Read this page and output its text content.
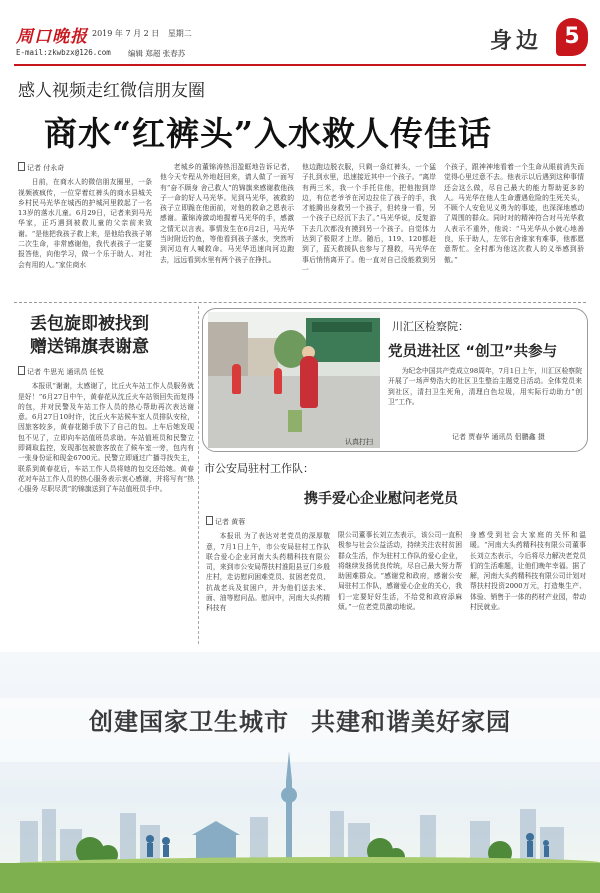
周口晚报 2019 年 7 月 2 日 星期二
E-mail:zkwbzx@126.com 编辑 郑超 张春苏	身边	5
感人视频走红微信朋友圈
商水“红裤头”入水救人传佳话
记者 付永奇
日前，在商水人的微信朋友圈里，一条视频被疯传，一位穿着红裤头的商水县城关乡村民马光华在城西的护城河里救起了一名13岁的落水儿童。6月29日，记者来到马光华家，正巧遇到被救儿童的父亲前来致谢。“是他把我孩子救上来，是他给我孩子第二次生命，非常感谢他，我代表孩子一定要报答他，向他学习，做一个乐于助人、对社会有用的人。”家住商水
老城乡的董锦涛热泪盈眶地告诉记者，他今天专程从外地赶回来，请人做了一面写有“奋不顾身 舍己救人”的锦旗来感谢救他孩子一命的好人马光华。见到马光华，被救的孩子立即跪在他面前，对他的救命之恩表示感谢。董锦涛激动地握着马光华的手，感激之情无以言表。事情发生在6月2日，马光华当时附近钓鱼，等他看到孩子落水，突然听到河边有人喊救命。马光华迅速向河边跑去，远远看到水里有两个孩子在挣扎。
他边跑边脱衣服，只剩一条红裤头，一个猛子扎到水里，迅速接近其中一个孩子。“离岸有两三米，我一个手托住他，把他抱到岸边，有位老爷爷在河边拉住了孩子的手，我才能腾出身救另一个孩子，但转身一看，另一个孩子已经沉下去了。”马光华说，反复游下去几次都没有摸到另一个孩子。自觉体力达到了极限才上岸。随后，119、120都赶到了，蓝天救援队也参与了搜救，马光华在事后悄悄离开了。他一直对自己没能救到另一
个孩子，跟神神地看着一个生命从眼前消失而觉得心里过意不去。他表示以后遇到这种事情还会这么做，尽自己最大的能力帮助更多的人。马光华在他人生命遭遇危险的生死关头，不顾个人安危见义勇为的事迹，也深深地感动了周围的群众。同时对的精神符合对马光华救人表示不重外，他说：“马光华从小就心地善良，乐于助人，左邻右舍谁家有难事，他都愿意帮忙。全村都为他这次救人的义举感到骄傲。”
丢包旋即被找到
赠送锦旗表谢意
记者 牛思光 通讯员 任悦
本报讯“谢谢，太感谢了，比丘火车站工作人员服务就是好！”6月27日中午，黄春花从沈丘火车站领回失而复得的包，并对民警及车站工作人员的热心帮助再次表达谢意。6月27日10时许，沈丘火车站候车室人员排队安检，因旅客较多，黄春花随手放下了自己的包。上车后她发现包不见了，立即向车站值班员求助。车站值班员和民警立即调取监控，发现那包被旅客放在了候车室一旁，包内有一张身份证和现金6700元。民警立即通过广播寻找失主，联系到黄春花后，车站工作人员将她的包交还给她。黄春花对车站工作人员的热心服务表示衷心感谢，并将写有“热心服务 尽职尽责”的锦旗送到了车站值班员手中。
认真打扫
川汇区检察院：
党员进社区 “创卫”共参与
为纪念中国共产党成立98周年，7月1日上午，川汇区检察院开展了一场声势浩大的社区卫生整治主题党日活动。全体党员来到社区，清扫卫生死角，清理白色垃圾，用实际行动助力“创卫”工作。
记者 贾春华 通讯员 侣鹏鑫 摄
市公安局驻村工作队：
携手爱心企业慰问老党员
记者 黄蓉
本报讯 为了表达对老党员的深厚敬意，7月1日上午，市公安局驻村工作队联合爱心企业河南大头药精科技有限公司，来到市公安局帮扶村淮阳县豆门乡殷庄村，走访慰问困难党员、贫困老党员、抗战老兵及贫困户，并为他们送去米、面、油等慰问品。慰问中，河南大头药精科技有
限公司董事长刘立杰表示，该公司一直积极参与社会公益活动，持续关注农村贫困群众生活，作为驻村工作队的爱心企业，将继续发扬优良传统，尽自己最大努力帮助困难群众。“感谢党和政府，感谢公安局驻村工作队，感谢爱心企业的关心，我们一定要好好生活，不给党和政府添麻烦。”一位老党员激动地说。
身感受到社会大家庭的关怀和温暖。“河南大头药精科技有限公司董事长刘立杰表示，今后将尽力解决老党员们的生活难题，让他们晚年幸福。据了解，河南大头药精科技有限公司计划对帮扶村投资2000万元，打造集生产、体验、销售于一体的药材产业园，带动村民就业。
创建国家卫生城市 共建和谐美好家园
